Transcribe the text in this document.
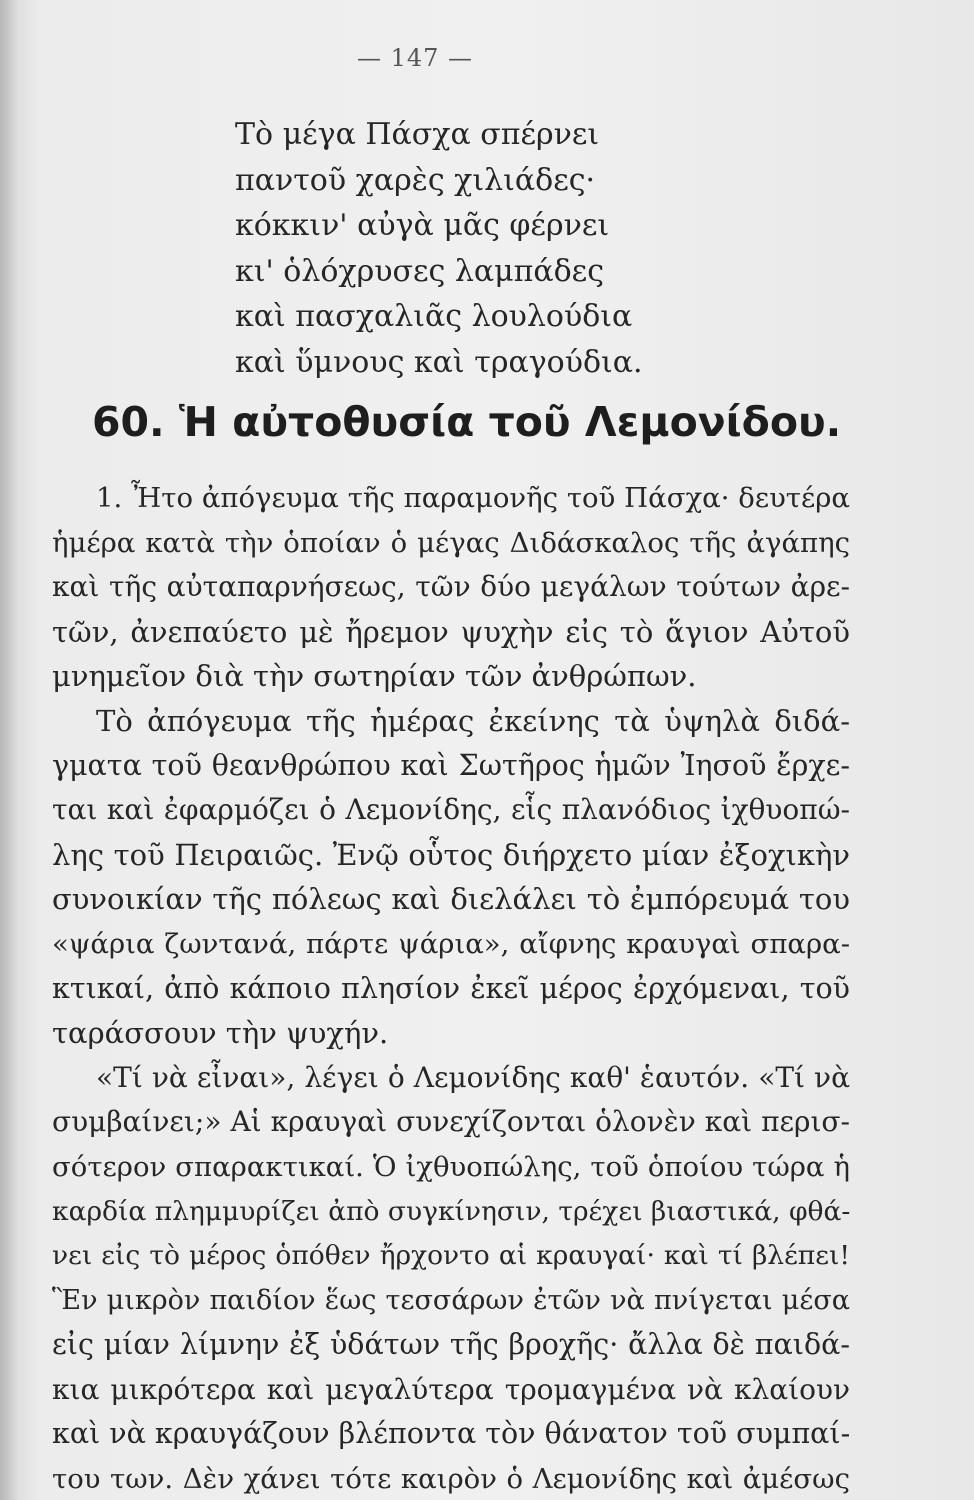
— 147 —
Τὸ μέγα Πάσχα σπέρνει
παντοῦ χαρὲς χιλιάδες·
κόκκιν' αὐγὰ μᾶς φέρνει
κι' ὁλόχρυσες λαμπάδες
καὶ πασχαλιᾶς λουλούδια
καὶ ὕμνους καὶ τραγούδια.
60. Ἡ αὐτοθυσία τοῦ Λεμονίδου.

1. Ἦτο ἀπόγευμα τῆς παραμονῆς τοῦ Πάσχα· δευτέρα
ἡμέρα κατὰ τὴν ὁποίαν ὁ μέγας Διδάσκαλος τῆς ἀγάπης
καὶ τῆς αὐταπαρνήσεως, τῶν δύο μεγάλων τούτων ἀρε-
τῶν, ἀνεπαύετο μὲ ἤρεμον ψυχὴν εἰς τὸ ἅγιον Αὐτοῦ
μνημεῖον διὰ τὴν σωτηρίαν τῶν ἀνθρώπων.

Τὸ ἀπόγευμα τῆς ἡμέρας ἐκείνης τὰ ὑψηλὰ διδά-
γματα τοῦ θεανθρώπου καὶ Σωτῆρος ἡμῶν Ἰησοῦ ἔρχε-
ται καὶ ἐφαρμόζει ὁ Λεμονίδης, εἷς πλανόδιος ἰχθυοπώ-
λης τοῦ Πειραιῶς. Ἐνῷ οὗτος διήρχετο μίαν ἐξοχικὴν
συνοικίαν τῆς πόλεως καὶ διελάλει τὸ ἐμπόρευμά του
«ψάρια ζωντανά, πάρτε ψάρια», αἴφνης κραυγαὶ σπαρα-
κτικαί, ἀπὸ κάποιο πλησίον ἐκεῖ μέρος ἐρχόμεναι, τοῦ
ταράσσουν τὴν ψυχήν.

«Τί νὰ εἶναι», λέγει ὁ Λεμονίδης καθ' ἑαυτόν. «Τί νὰ
συμβαίνει;» Αἱ κραυγαὶ συνεχίζονται ὁλονὲν καὶ περισ-
σότερον σπαρακτικαί. Ὁ ἰχθυοπώλης, τοῦ ὁποίου τώρα ἡ
καρδία πλημμυρίζει ἀπὸ συγκίνησιν, τρέχει βιαστικά, φθά-
νει εἰς τὸ μέρος ὁπόθεν ἤρχοντο αἱ κραυγαί· καὶ τί βλέπει!
Ἓν μικρὸν παιδίον ἕως τεσσάρων ἐτῶν νὰ πνίγεται μέσα
εἰς μίαν λίμνην ἐξ ὑδάτων τῆς βροχῆς· ἄλλα δὲ παιδά-
κια μικρότερα καὶ μεγαλύτερα τρομαγμένα νὰ κλαίουν
καὶ νὰ κραυγάζουν βλέποντα τὸν θάνατον τοῦ συμπαί-
του των. Δὲν χάνει τότε καιρὸν ὁ Λεμονίδης καὶ ἀμέσως
